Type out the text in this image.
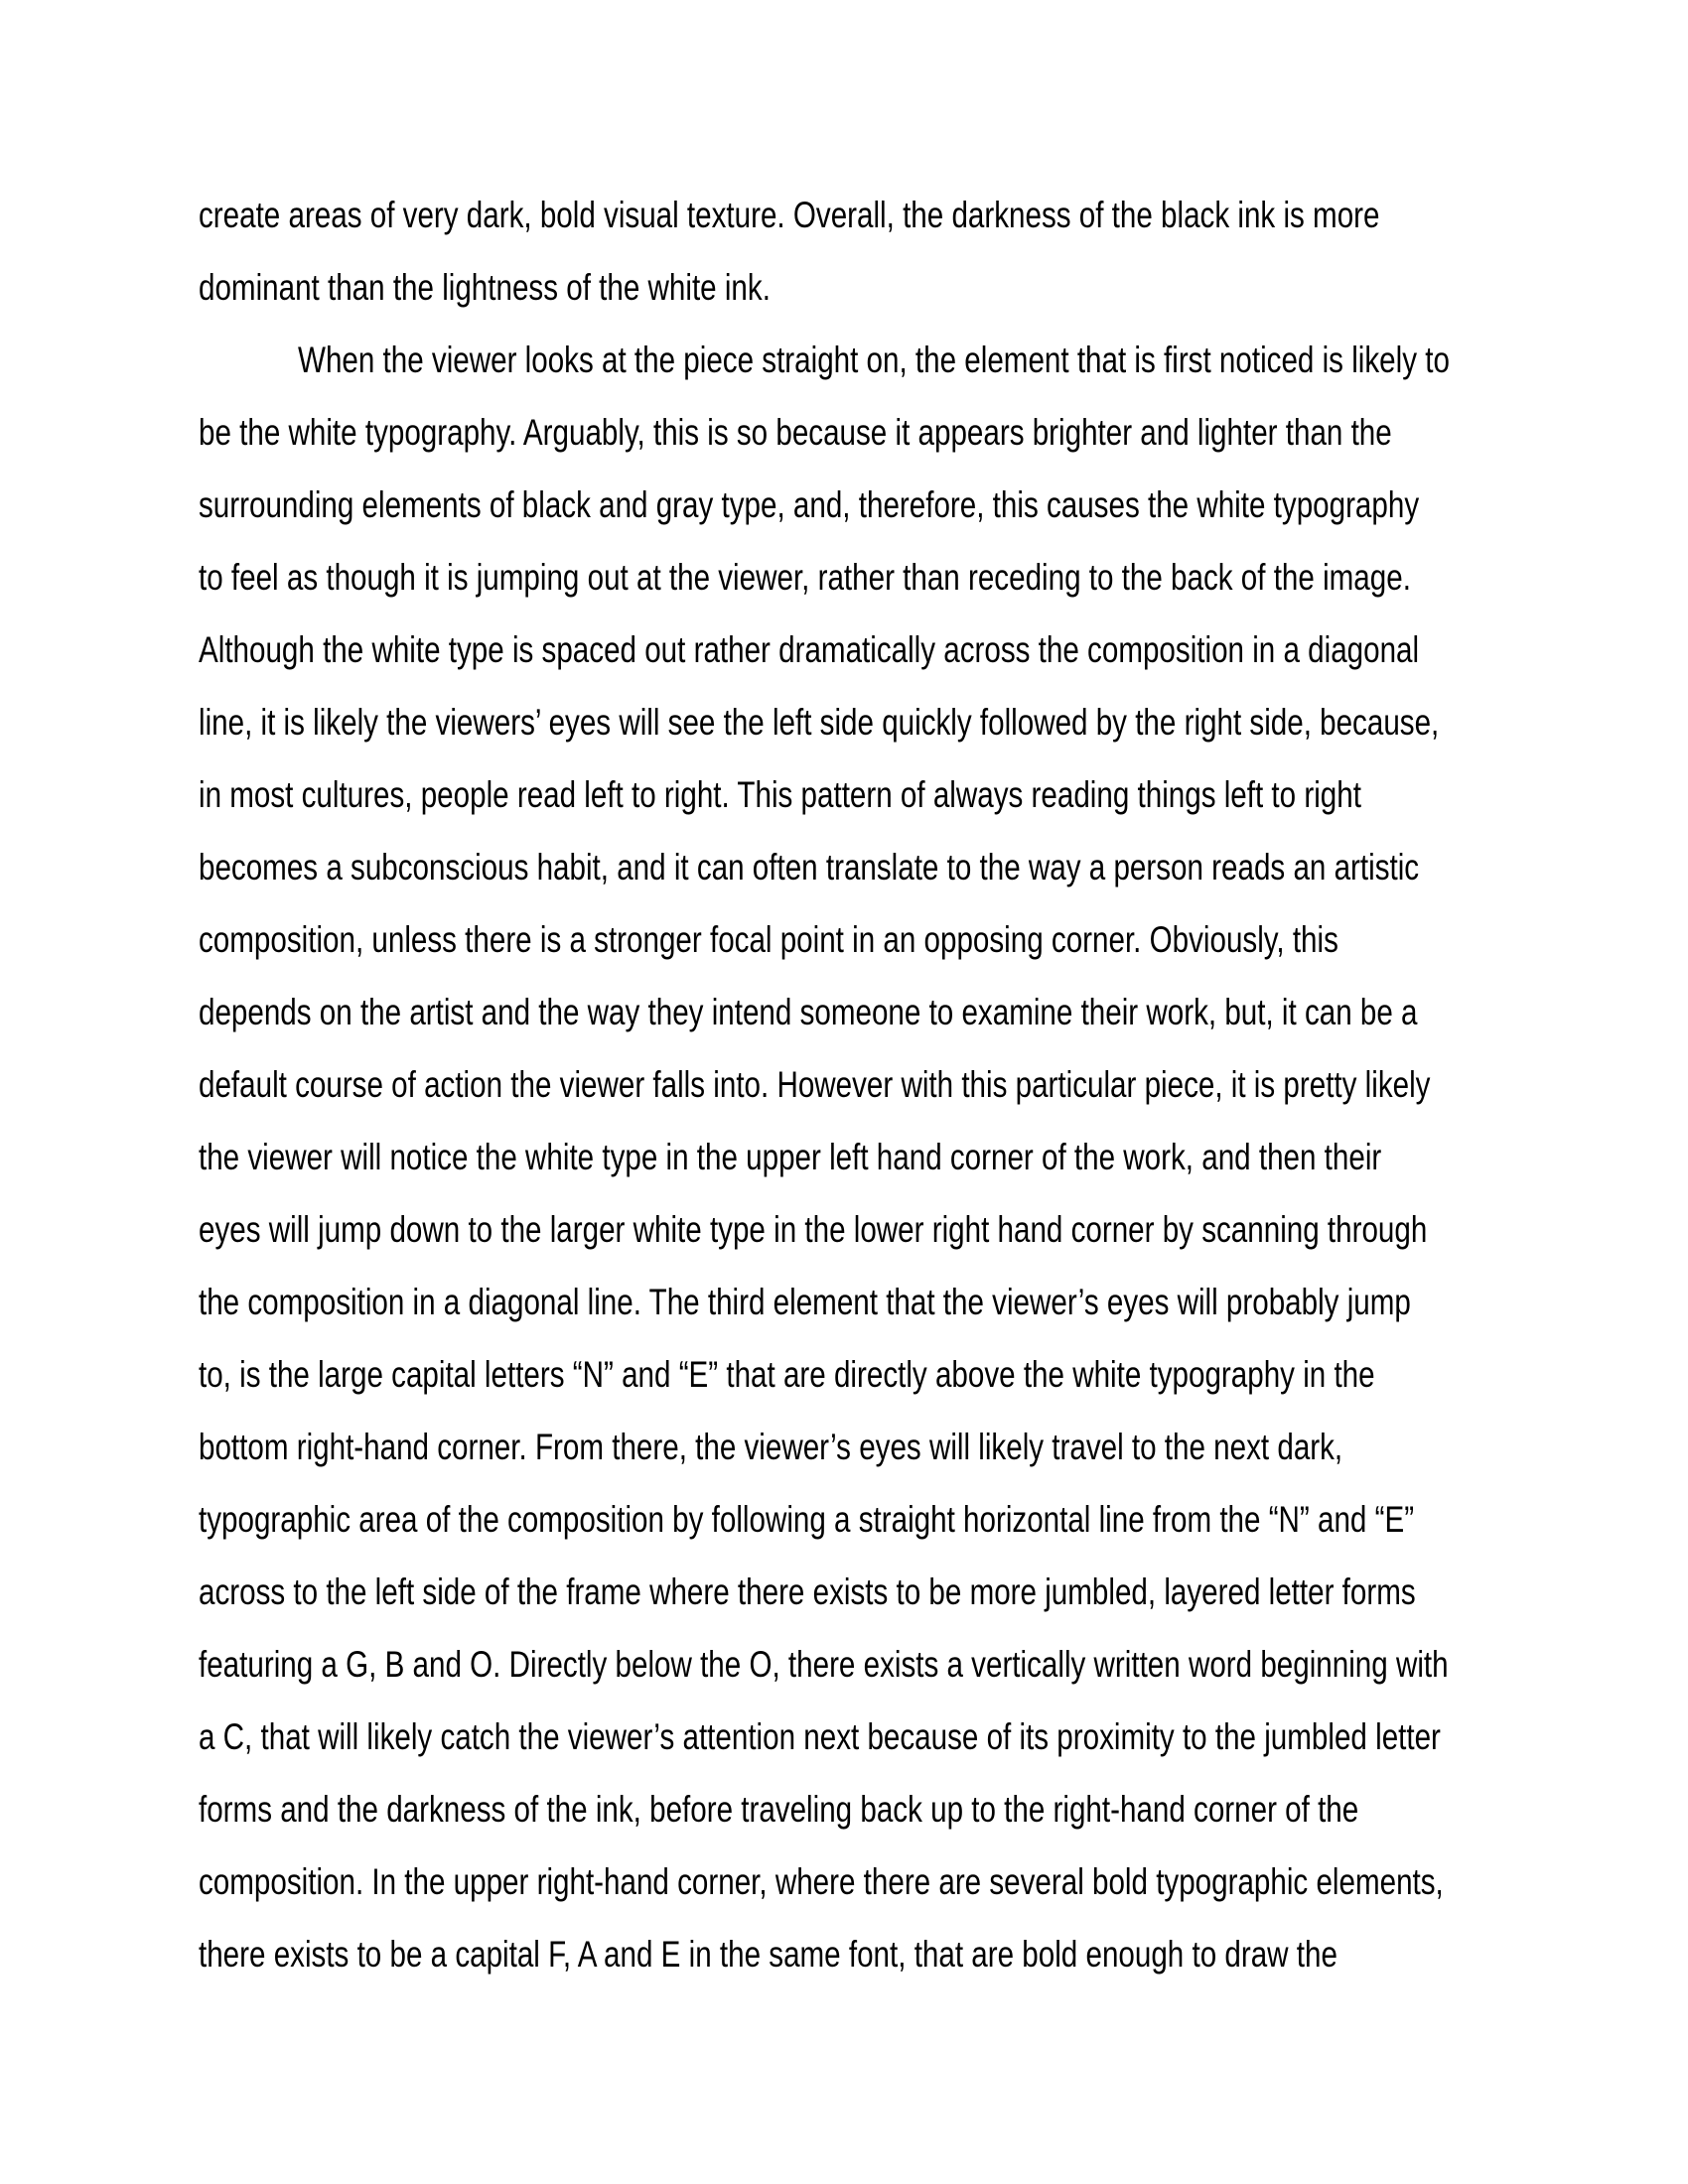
create areas of very dark, bold visual texture. Overall, the darkness of the black ink is more
dominant than the lightness of the white ink.
When the viewer looks at the piece straight on, the element that is first noticed is likely to
be the white typography. Arguably, this is so because it appears brighter and lighter than the
surrounding elements of black and gray type, and, therefore, this causes the white typography
to feel as though it is jumping out at the viewer, rather than receding to the back of the image.
Although the white type is spaced out rather dramatically across the composition in a diagonal
line, it is likely the viewers’ eyes will see the left side quickly followed by the right side, because,
in most cultures, people read left to right. This pattern of always reading things left to right
becomes a subconscious habit, and it can often translate to the way a person reads an artistic
composition, unless there is a stronger focal point in an opposing corner. Obviously, this
depends on the artist and the way they intend someone to examine their work, but, it can be a
default course of action the viewer falls into. However with this particular piece, it is pretty likely
the viewer will notice the white type in the upper left hand corner of the work, and then their
eyes will jump down to the larger white type in the lower right hand corner by scanning through
the composition in a diagonal line. The third element that the viewer’s eyes will probably jump
to, is the large capital letters “N” and “E” that are directly above the white typography in the
bottom right-hand corner. From there, the viewer’s eyes will likely travel to the next dark,
typographic area of the composition by following a straight horizontal line from the “N” and “E”
across to the left side of the frame where there exists to be more jumbled, layered letter forms
featuring a G, B and O. Directly below the O, there exists a vertically written word beginning with
a C, that will likely catch the viewer’s attention next because of its proximity to the jumbled letter
forms and the darkness of the ink, before traveling back up to the right-hand corner of the
composition. In the upper right-hand corner, where there are several bold typographic elements,
there exists to be a capital F, A and E in the same font, that are bold enough to draw the
